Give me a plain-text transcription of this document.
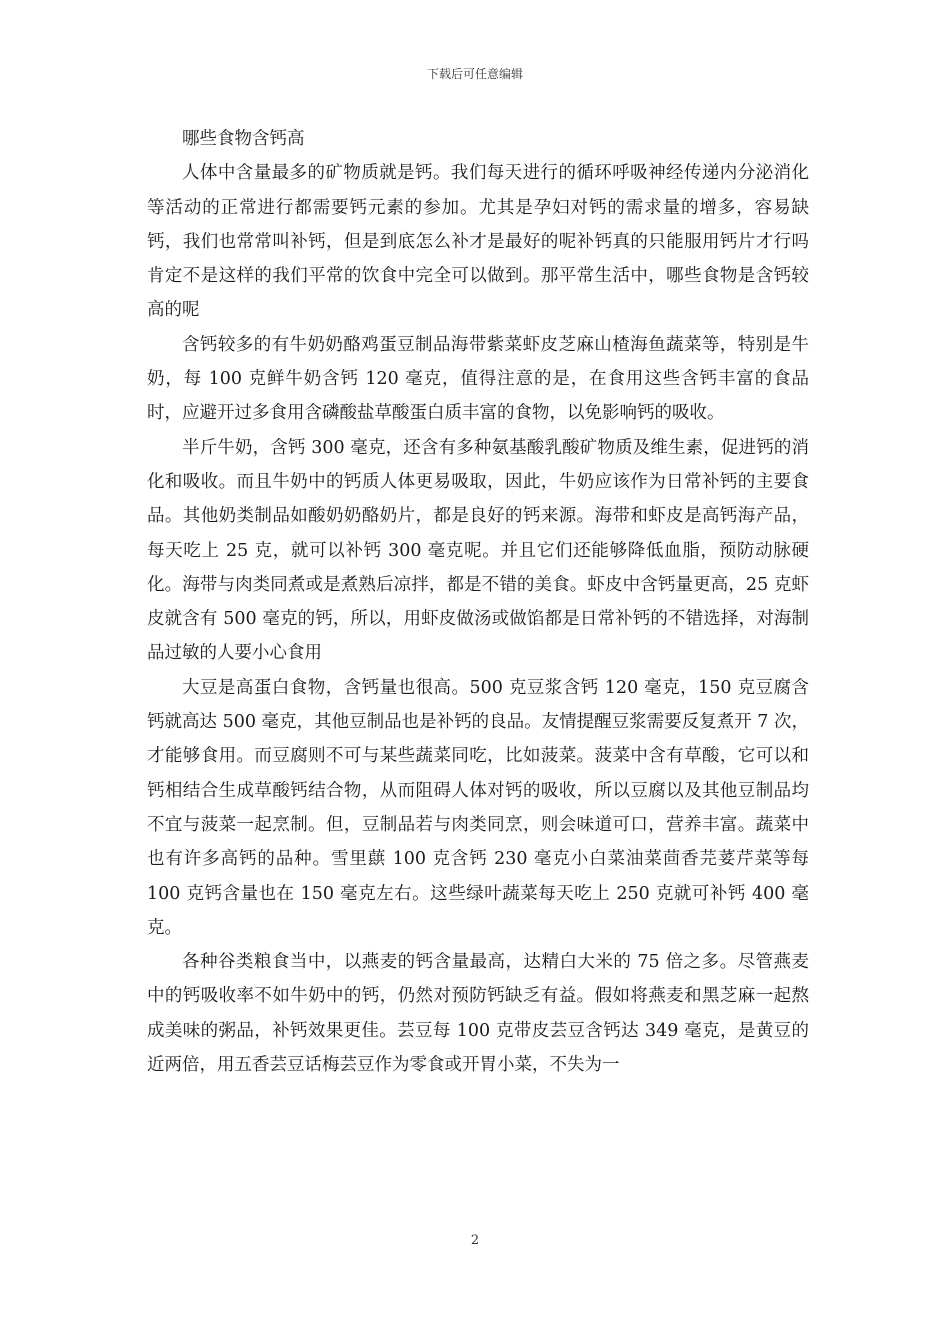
下载后可任意编辑

哪些食物含钙高

人体中含量最多的矿物质就是钙。我们每天进行的循环呼吸神经传递内分泌消化等活动的正常进行都需要钙元素的参加。尤其是孕妇对钙的需求量的增多，容易缺钙，我们也常常叫补钙，但是到底怎么补才是最好的呢补钙真的只能服用钙片才行吗肯定不是这样的我们平常的饮食中完全可以做到。那平常生活中，哪些食物是含钙较高的呢

含钙较多的有牛奶奶酪鸡蛋豆制品海带紫菜虾皮芝麻山楂海鱼蔬菜等，特别是牛奶，每 100 克鲜牛奶含钙 120 毫克，值得注意的是，在食用这些含钙丰富的食品时，应避开过多食用含磷酸盐草酸蛋白质丰富的食物，以免影响钙的吸收。

半斤牛奶，含钙 300 毫克，还含有多种氨基酸乳酸矿物质及维生素，促进钙的消化和吸收。而且牛奶中的钙质人体更易吸取，因此，牛奶应该作为日常补钙的主要食品。其他奶类制品如酸奶奶酪奶片，都是良好的钙来源。海带和虾皮是高钙海产品，每天吃上 25 克，就可以补钙 300 毫克呢。并且它们还能够降低血脂，预防动脉硬化。海带与肉类同煮或是煮熟后凉拌，都是不错的美食。虾皮中含钙量更高，25 克虾皮就含有 500 毫克的钙，所以，用虾皮做汤或做馅都是日常补钙的不错选择，对海制品过敏的人要小心食用

大豆是高蛋白食物，含钙量也很高。500 克豆浆含钙 120 毫克，150 克豆腐含钙就高达 500 毫克，其他豆制品也是补钙的良品。友情提醒豆浆需要反复煮开 7 次，才能够食用。而豆腐则不可与某些蔬菜同吃，比如菠菜。菠菜中含有草酸，它可以和钙相结合生成草酸钙结合物，从而阻碍人体对钙的吸收，所以豆腐以及其他豆制品均不宜与菠菜一起烹制。但，豆制品若与肉类同烹，则会味道可口，营养丰富。蔬菜中也有许多高钙的品种。雪里蕻 100 克含钙 230 毫克小白菜油菜茴香芫荽芹菜等每 100 克钙含量也在 150 毫克左右。这些绿叶蔬菜每天吃上 250 克就可补钙 400 毫克。

各种谷类粮食当中，以燕麦的钙含量最高，达精白大米的 75 倍之多。尽管燕麦中的钙吸收率不如牛奶中的钙，仍然对预防钙缺乏有益。假如将燕麦和黑芝麻一起熬成美味的粥品，补钙效果更佳。芸豆每 100 克带皮芸豆含钙达 349 毫克，是黄豆的近两倍，用五香芸豆话梅芸豆作为零食或开胃小菜，不失为一

2
